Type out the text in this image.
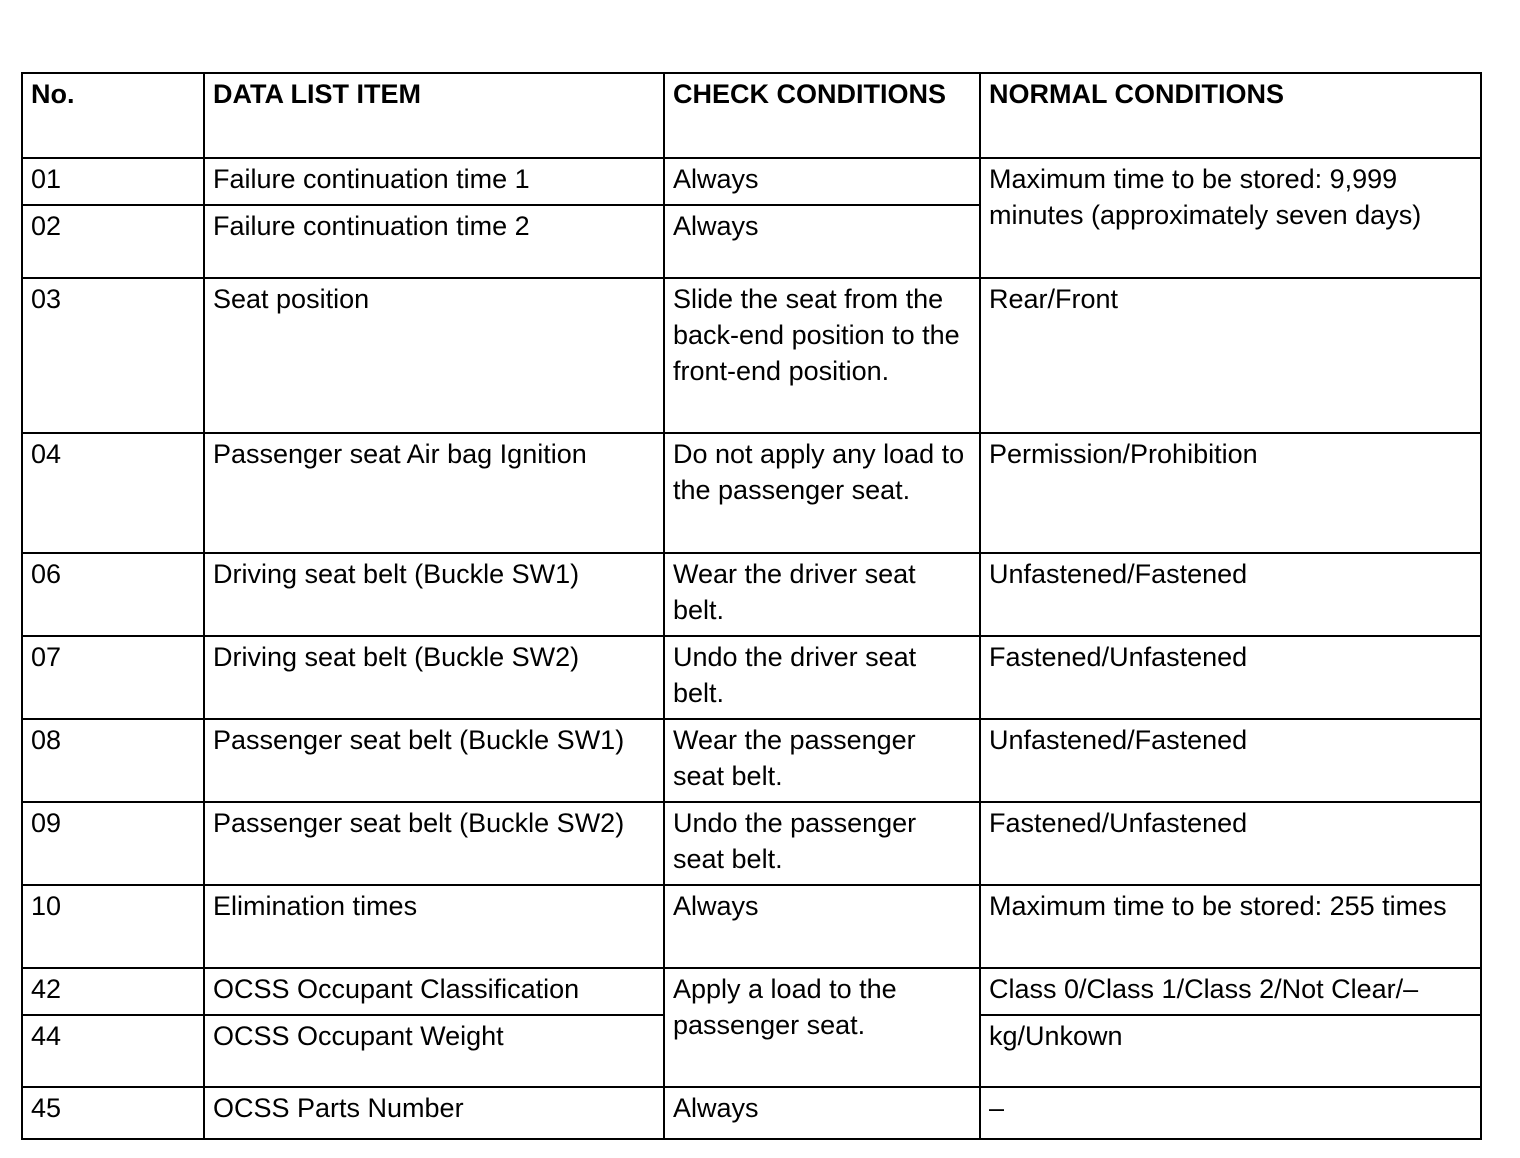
No.	DATA LIST ITEM	CHECK CONDITIONS	NORMAL CONDITIONS
01	Failure continuation time 1	Always	Maximum time to be stored: 9,999 minutes (approximately seven days)
02	Failure continuation time 2	Always	
03	Seat position	Slide the seat from the back-end position to the front-end position.	Rear/Front
04	Passenger seat Air bag Ignition	Do not apply any load to the passenger seat.	Permission/Prohibition
06	Driving seat belt (Buckle SW1)	Wear the driver seat belt.	Unfastened/Fastened
07	Driving seat belt (Buckle SW2)	Undo the driver seat belt.	Fastened/Unfastened
08	Passenger seat belt (Buckle SW1)	Wear the passenger seat belt.	Unfastened/Fastened
09	Passenger seat belt (Buckle SW2)	Undo the passenger seat belt.	Fastened/Unfastened
10	Elimination times	Always	Maximum time to be stored: 255 times
42	OCSS Occupant Classification	Apply a load to the passenger seat.	Class 0/Class 1/Class 2/Not Clear/–
44	OCSS Occupant Weight		kg/Unkown
45	OCSS Parts Number	Always	–
